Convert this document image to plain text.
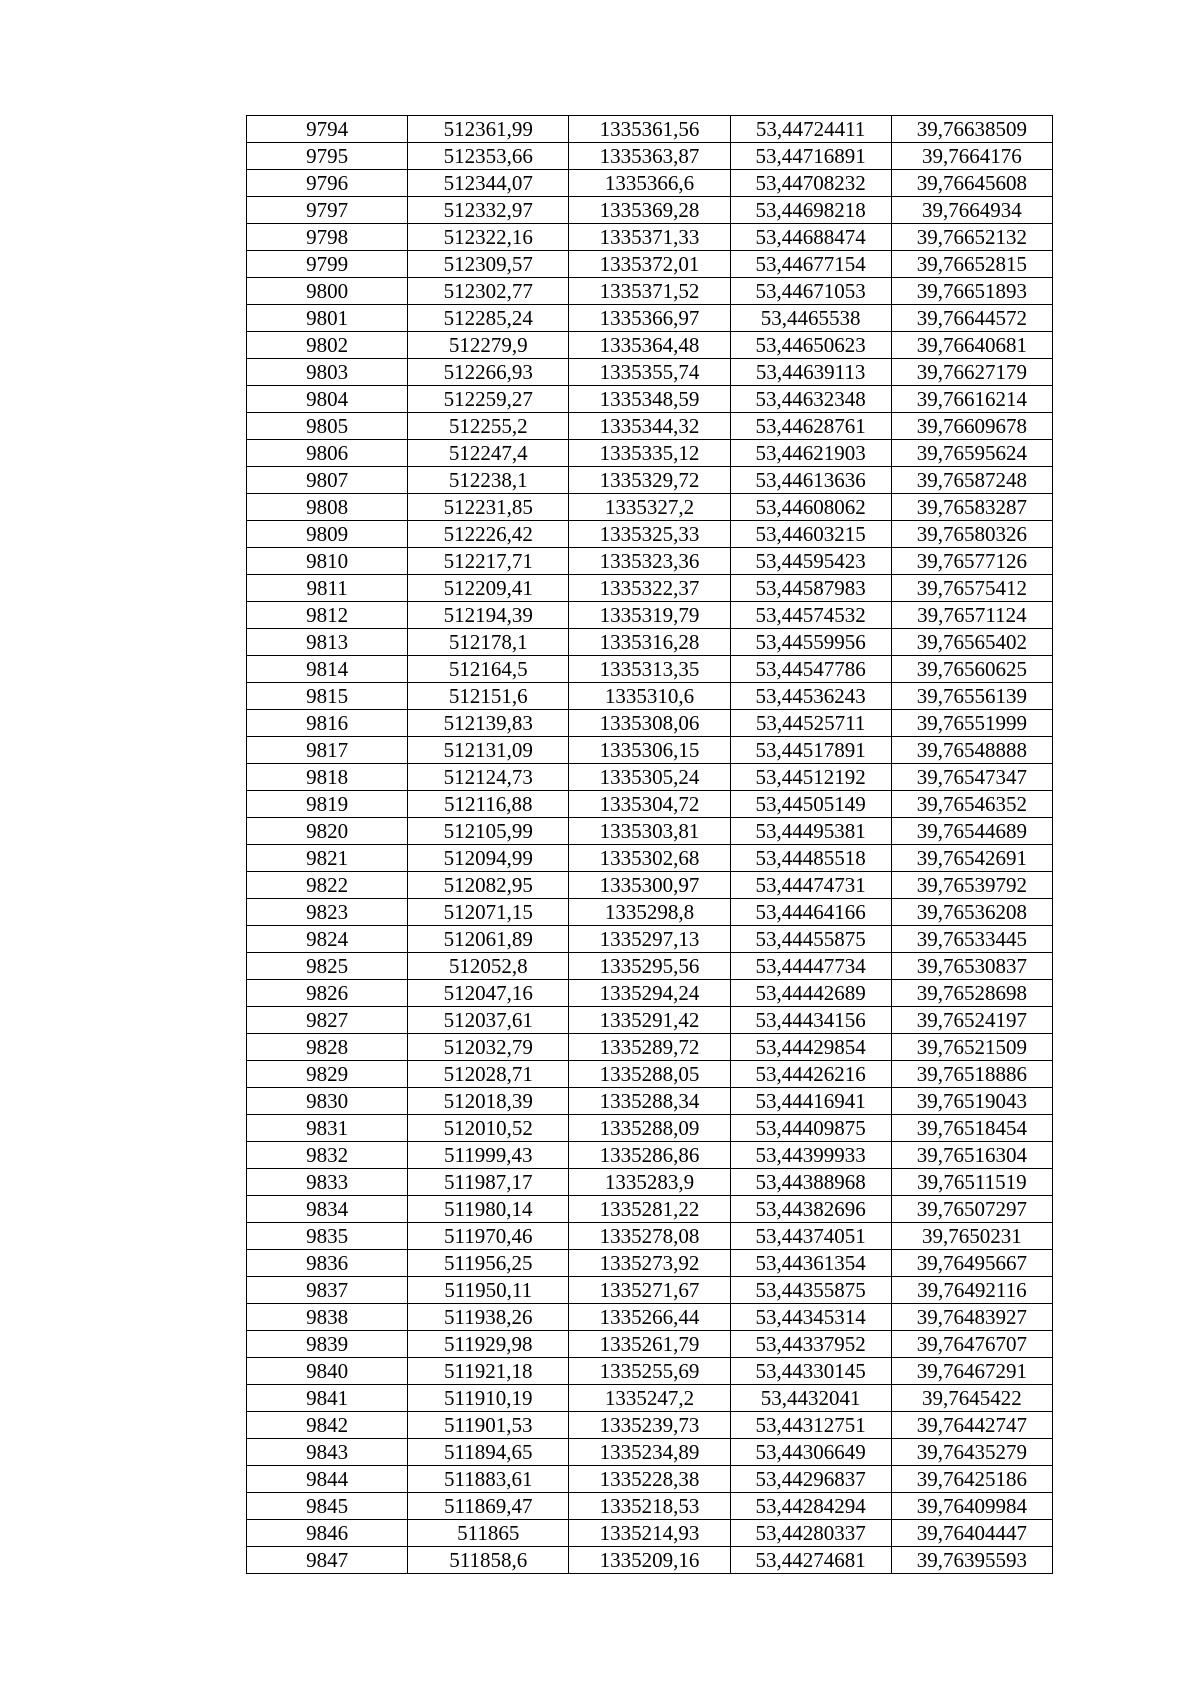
9794	512361,99	1335361,56	53,44724411	39,76638509
9795	512353,66	1335363,87	53,44716891	39,7664176
9796	512344,07	1335366,6	53,44708232	39,76645608
9797	512332,97	1335369,28	53,44698218	39,7664934
9798	512322,16	1335371,33	53,44688474	39,76652132
9799	512309,57	1335372,01	53,44677154	39,76652815
9800	512302,77	1335371,52	53,44671053	39,76651893
9801	512285,24	1335366,97	53,4465538	39,76644572
9802	512279,9	1335364,48	53,44650623	39,76640681
9803	512266,93	1335355,74	53,44639113	39,76627179
9804	512259,27	1335348,59	53,44632348	39,76616214
9805	512255,2	1335344,32	53,44628761	39,76609678
9806	512247,4	1335335,12	53,44621903	39,76595624
9807	512238,1	1335329,72	53,44613636	39,76587248
9808	512231,85	1335327,2	53,44608062	39,76583287
9809	512226,42	1335325,33	53,44603215	39,76580326
9810	512217,71	1335323,36	53,44595423	39,76577126
9811	512209,41	1335322,37	53,44587983	39,76575412
9812	512194,39	1335319,79	53,44574532	39,76571124
9813	512178,1	1335316,28	53,44559956	39,76565402
9814	512164,5	1335313,35	53,44547786	39,76560625
9815	512151,6	1335310,6	53,44536243	39,76556139
9816	512139,83	1335308,06	53,44525711	39,76551999
9817	512131,09	1335306,15	53,44517891	39,76548888
9818	512124,73	1335305,24	53,44512192	39,76547347
9819	512116,88	1335304,72	53,44505149	39,76546352
9820	512105,99	1335303,81	53,44495381	39,76544689
9821	512094,99	1335302,68	53,44485518	39,76542691
9822	512082,95	1335300,97	53,44474731	39,76539792
9823	512071,15	1335298,8	53,44464166	39,76536208
9824	512061,89	1335297,13	53,44455875	39,76533445
9825	512052,8	1335295,56	53,44447734	39,76530837
9826	512047,16	1335294,24	53,44442689	39,76528698
9827	512037,61	1335291,42	53,44434156	39,76524197
9828	512032,79	1335289,72	53,44429854	39,76521509
9829	512028,71	1335288,05	53,44426216	39,76518886
9830	512018,39	1335288,34	53,44416941	39,76519043
9831	512010,52	1335288,09	53,44409875	39,76518454
9832	511999,43	1335286,86	53,44399933	39,76516304
9833	511987,17	1335283,9	53,44388968	39,76511519
9834	511980,14	1335281,22	53,44382696	39,76507297
9835	511970,46	1335278,08	53,44374051	39,7650231
9836	511956,25	1335273,92	53,44361354	39,76495667
9837	511950,11	1335271,67	53,44355875	39,76492116
9838	511938,26	1335266,44	53,44345314	39,76483927
9839	511929,98	1335261,79	53,44337952	39,76476707
9840	511921,18	1335255,69	53,44330145	39,76467291
9841	511910,19	1335247,2	53,4432041	39,7645422
9842	511901,53	1335239,73	53,44312751	39,76442747
9843	511894,65	1335234,89	53,44306649	39,76435279
9844	511883,61	1335228,38	53,44296837	39,76425186
9845	511869,47	1335218,53	53,44284294	39,76409984
9846	511865	1335214,93	53,44280337	39,76404447
9847	511858,6	1335209,16	53,44274681	39,76395593
